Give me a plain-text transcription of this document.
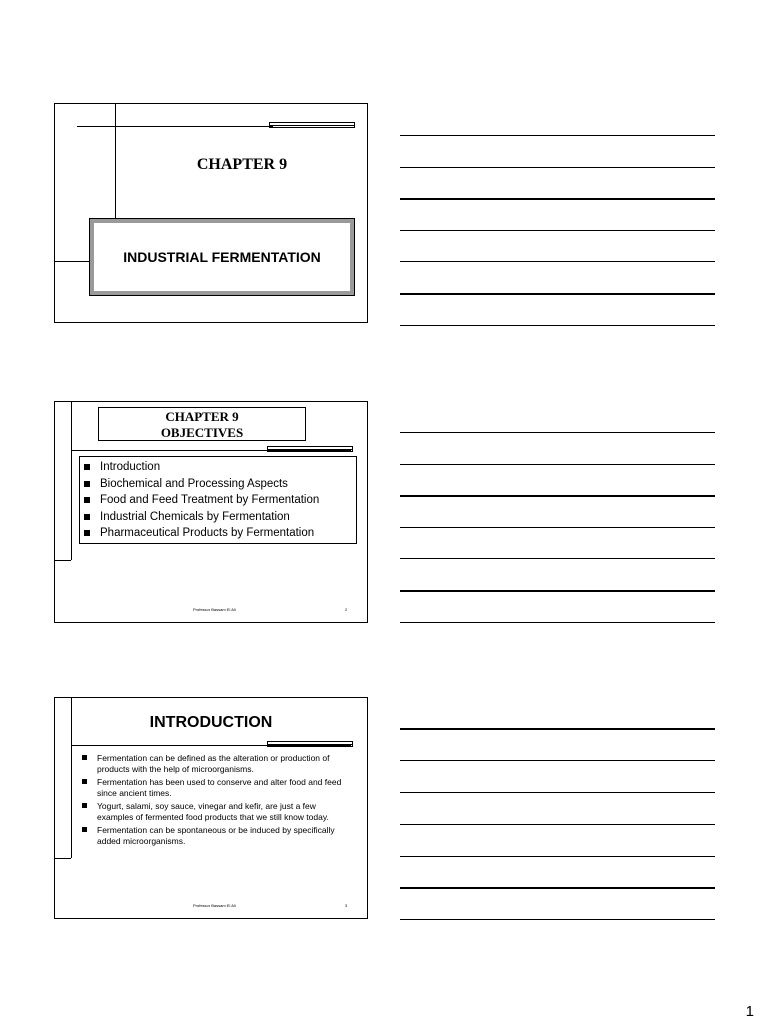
CHAPTER 9
INDUSTRIAL FERMENTATION
CHAPTER 9
OBJECTIVES
Introduction
Biochemical and Processing Aspects
Food and Feed Treatment by Fermentation
Industrial Chemicals by Fermentation
Pharmaceutical Products by Fermentation
Professor Bassam El Ali	2
INTRODUCTION
Fermentation can be defined as the alteration or production of products with the help of microorganisms.
Fermentation has been used to conserve and alter food and feed since ancient times.
Yogurt, salami, soy sauce, vinegar and kefir, are just a few examples of fermented food products that we still know today.
Fermentation can be spontaneous or be induced by specifically added microorganisms.
Professor Bassam El Ali	3
1
